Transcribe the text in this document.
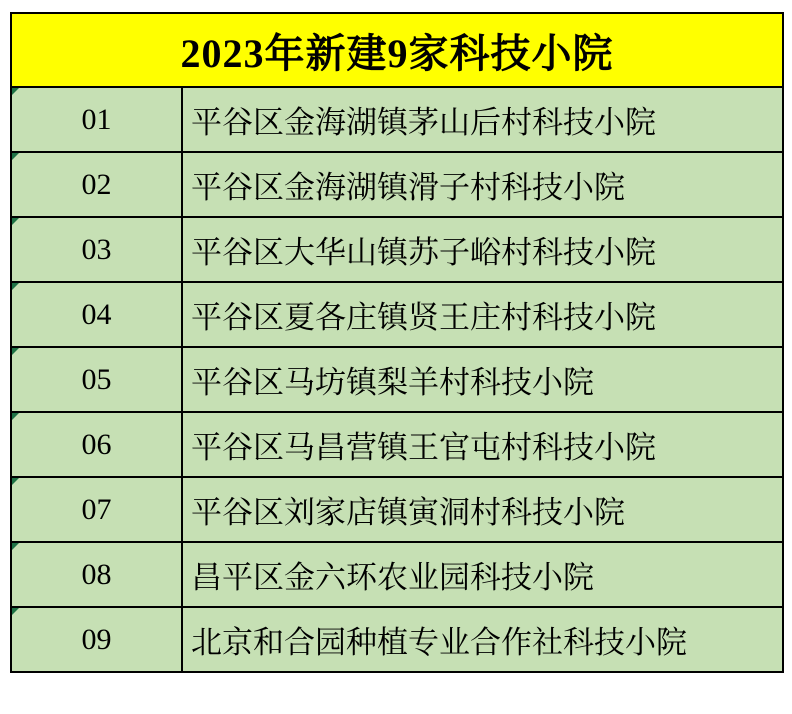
2023年新建9家科技小院	

01	平谷区金海湖镇茅山后村科技小院

02	平谷区金海湖镇滑子村科技小院

03	平谷区大华山镇苏子峪村科技小院

04	平谷区夏各庄镇贤王庄村科技小院

05	平谷区马坊镇梨羊村科技小院

06	平谷区马昌营镇王官屯村科技小院

07	平谷区刘家店镇寅洞村科技小院

08	昌平区金六环农业园科技小院

09	北京和合园种植专业合作社科技小院
